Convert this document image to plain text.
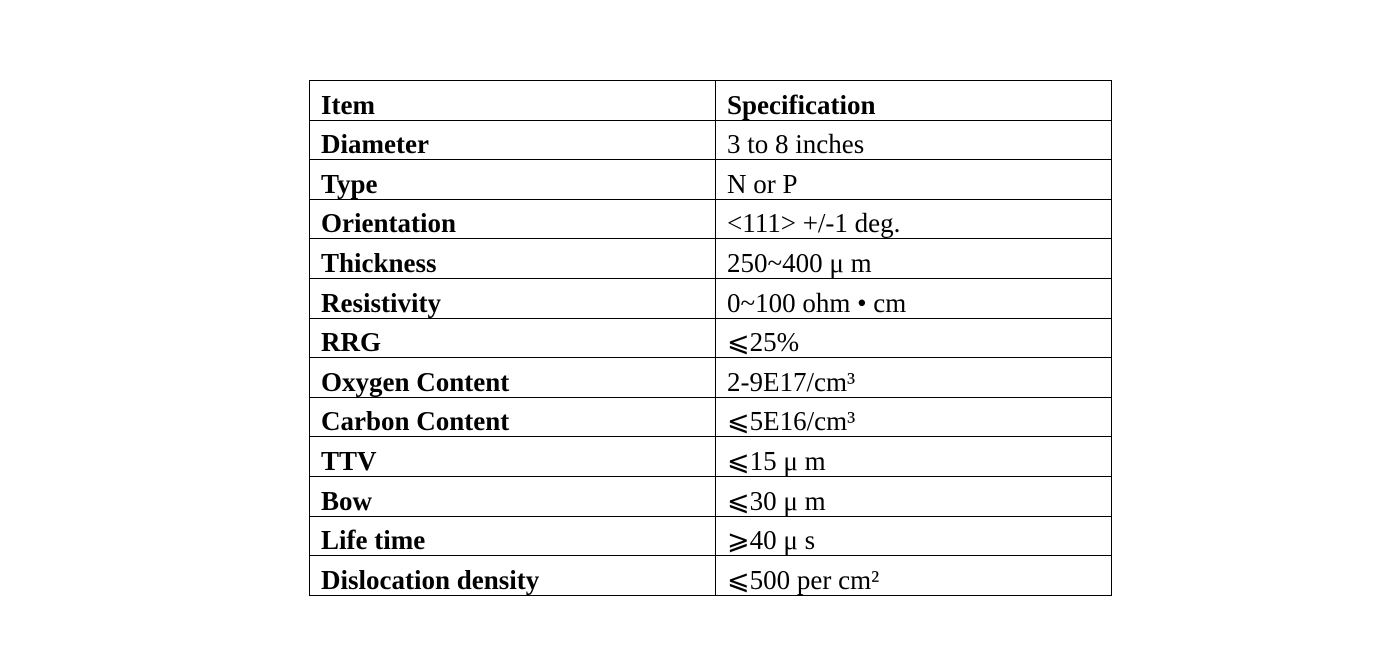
Item	Specification
Diameter	3 to 8 inches
Type	N or P
Orientation	<111> +/-1 deg.
Thickness	250~400 μ m
Resistivity	0~100 ohm • cm
RRG	⩽25%
Oxygen Content	2-9E17/cm³
Carbon Content	⩽5E16/cm³
TTV	⩽15 μ m
Bow	⩽30 μ m
Life time	⩾40 μ s
Dislocation density	⩽500 per cm²
